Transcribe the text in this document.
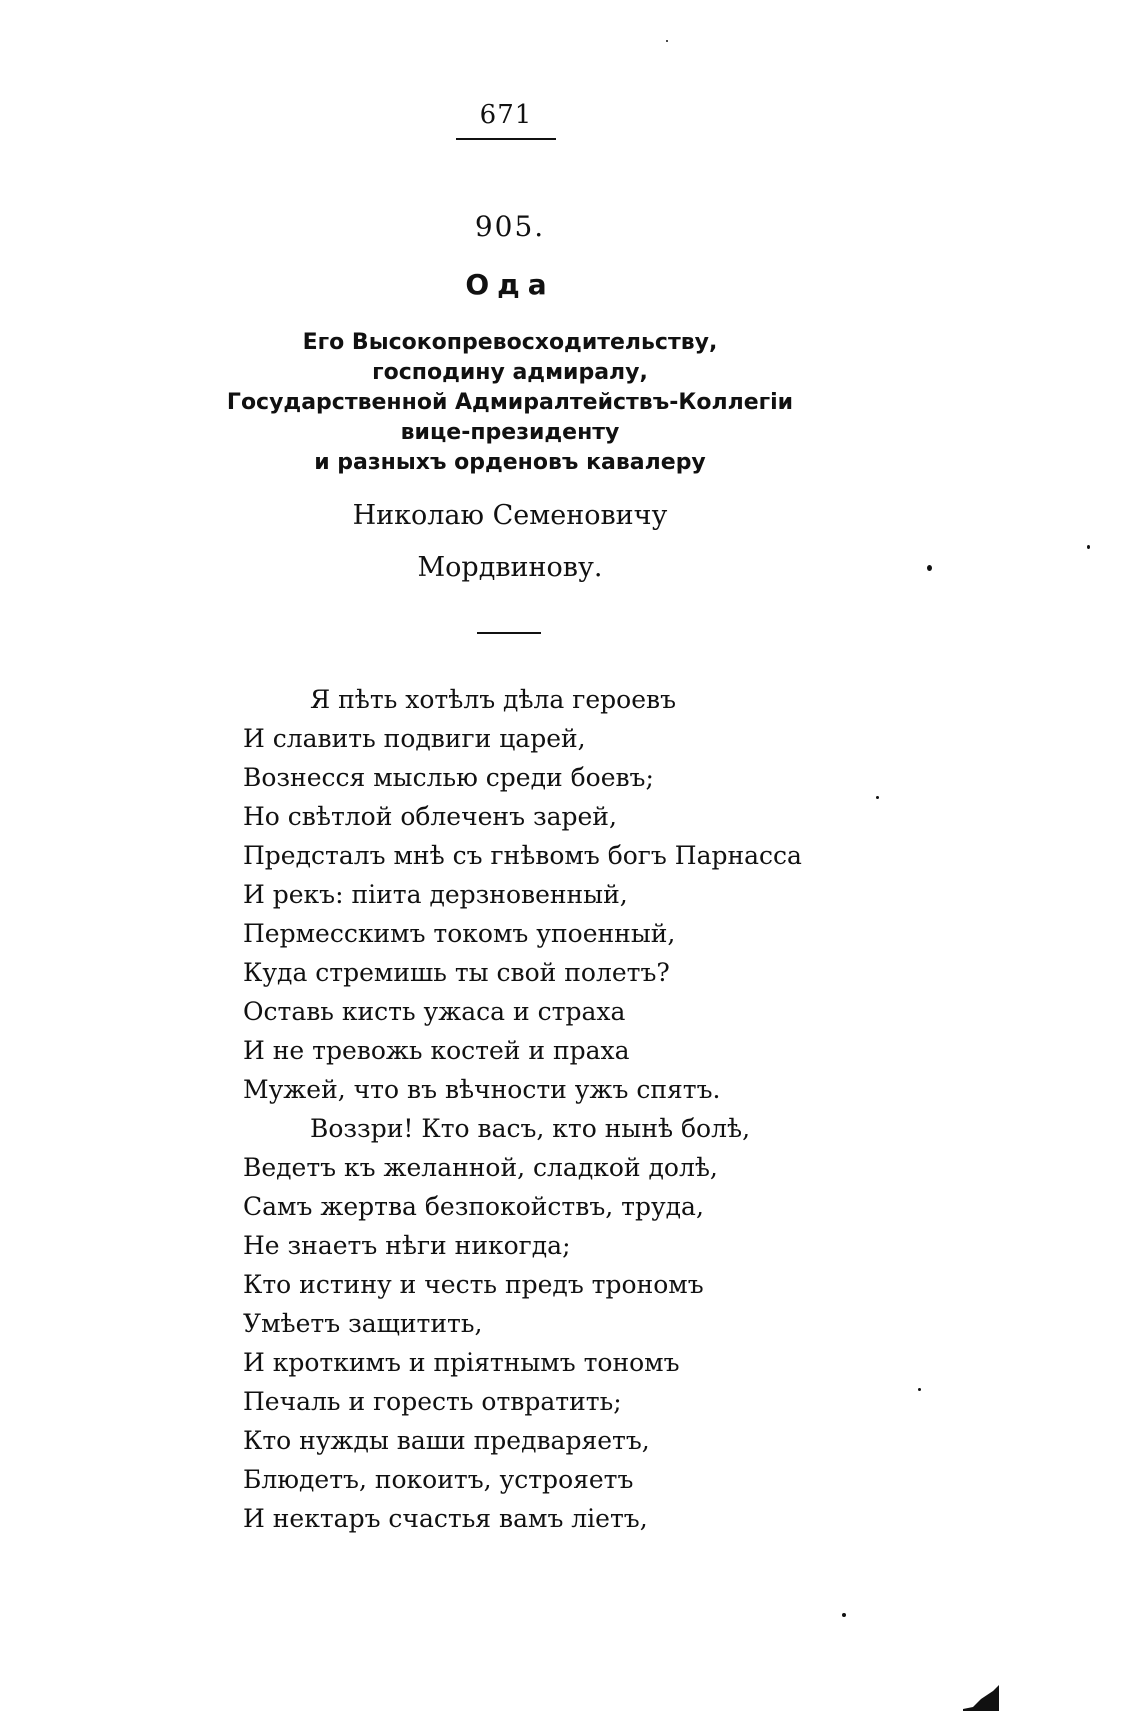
671
905.
Ода
Его Высокопревосходительству,
господину адмиралу,
Государственной Адмиралтействъ-Коллегіи
вице-президенту
и разныхъ орденовъ кавалеру
Николаю Семеновичу
Мордвинову.
Я пѣть хотѣлъ дѣла героевъ
И славить подвиги царей,
Вознесся мыслью среди боевъ;
Но свѣтлой облеченъ зарей,
Предсталъ мнѣ съ гнѣвомъ богъ Парнасса
И рекъ: піита дерзновенный,
Пермесскимъ токомъ упоенный,
Куда стремишь ты свой полетъ?
Оставь кисть ужаса и страха
И не тревожь костей и праха
Мужей, что въ вѣчности ужъ спятъ.
Воззри! Кто васъ, кто нынѣ болѣ,
Ведетъ къ желанной, сладкой долѣ,
Самъ жертва безпокойствъ, труда,
Не знаетъ нѣги никогда;
Кто истину и честь предъ трономъ
Умѣетъ защитить,
И кроткимъ и пріятнымъ тономъ
Печаль и горесть отвратить;
Кто нужды ваши предваряетъ,
Блюдетъ, покоитъ, устрояетъ
И нектаръ счастья вамъ ліетъ,
